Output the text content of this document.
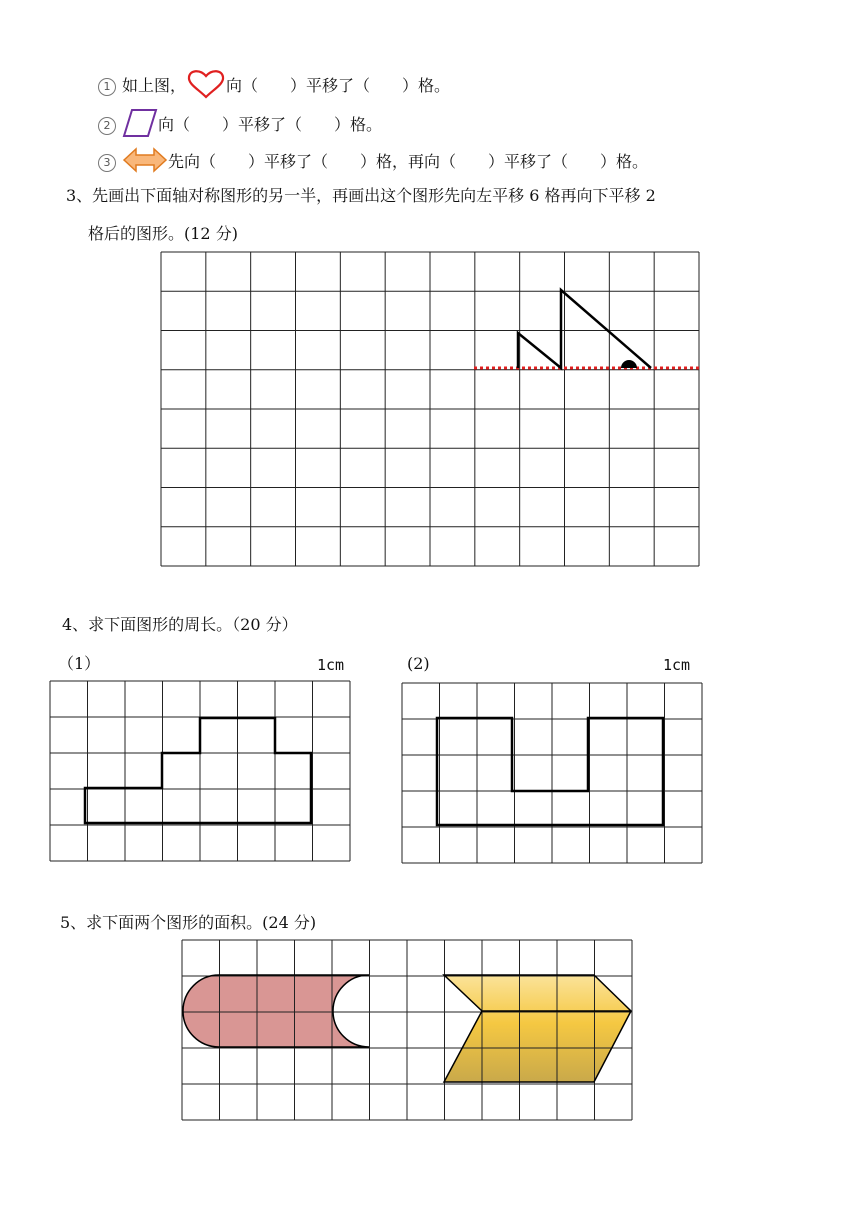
1 如上图，	向（　　）平移了（　　）格。
2	向（　　）平移了（　　）格。
3	先向（　　）平移了（　　）格，再向（　　）平移了（　　）格。
3、先画出下面轴对称图形的另一半，再画出这个图形先向左平移 6 格再向下平移 2
格后的图形。(12 分)
4、求下面图形的周长。（20 分）
（1）	1cm	(2)	1cm
5、求下面两个图形的面积。(24 分)
